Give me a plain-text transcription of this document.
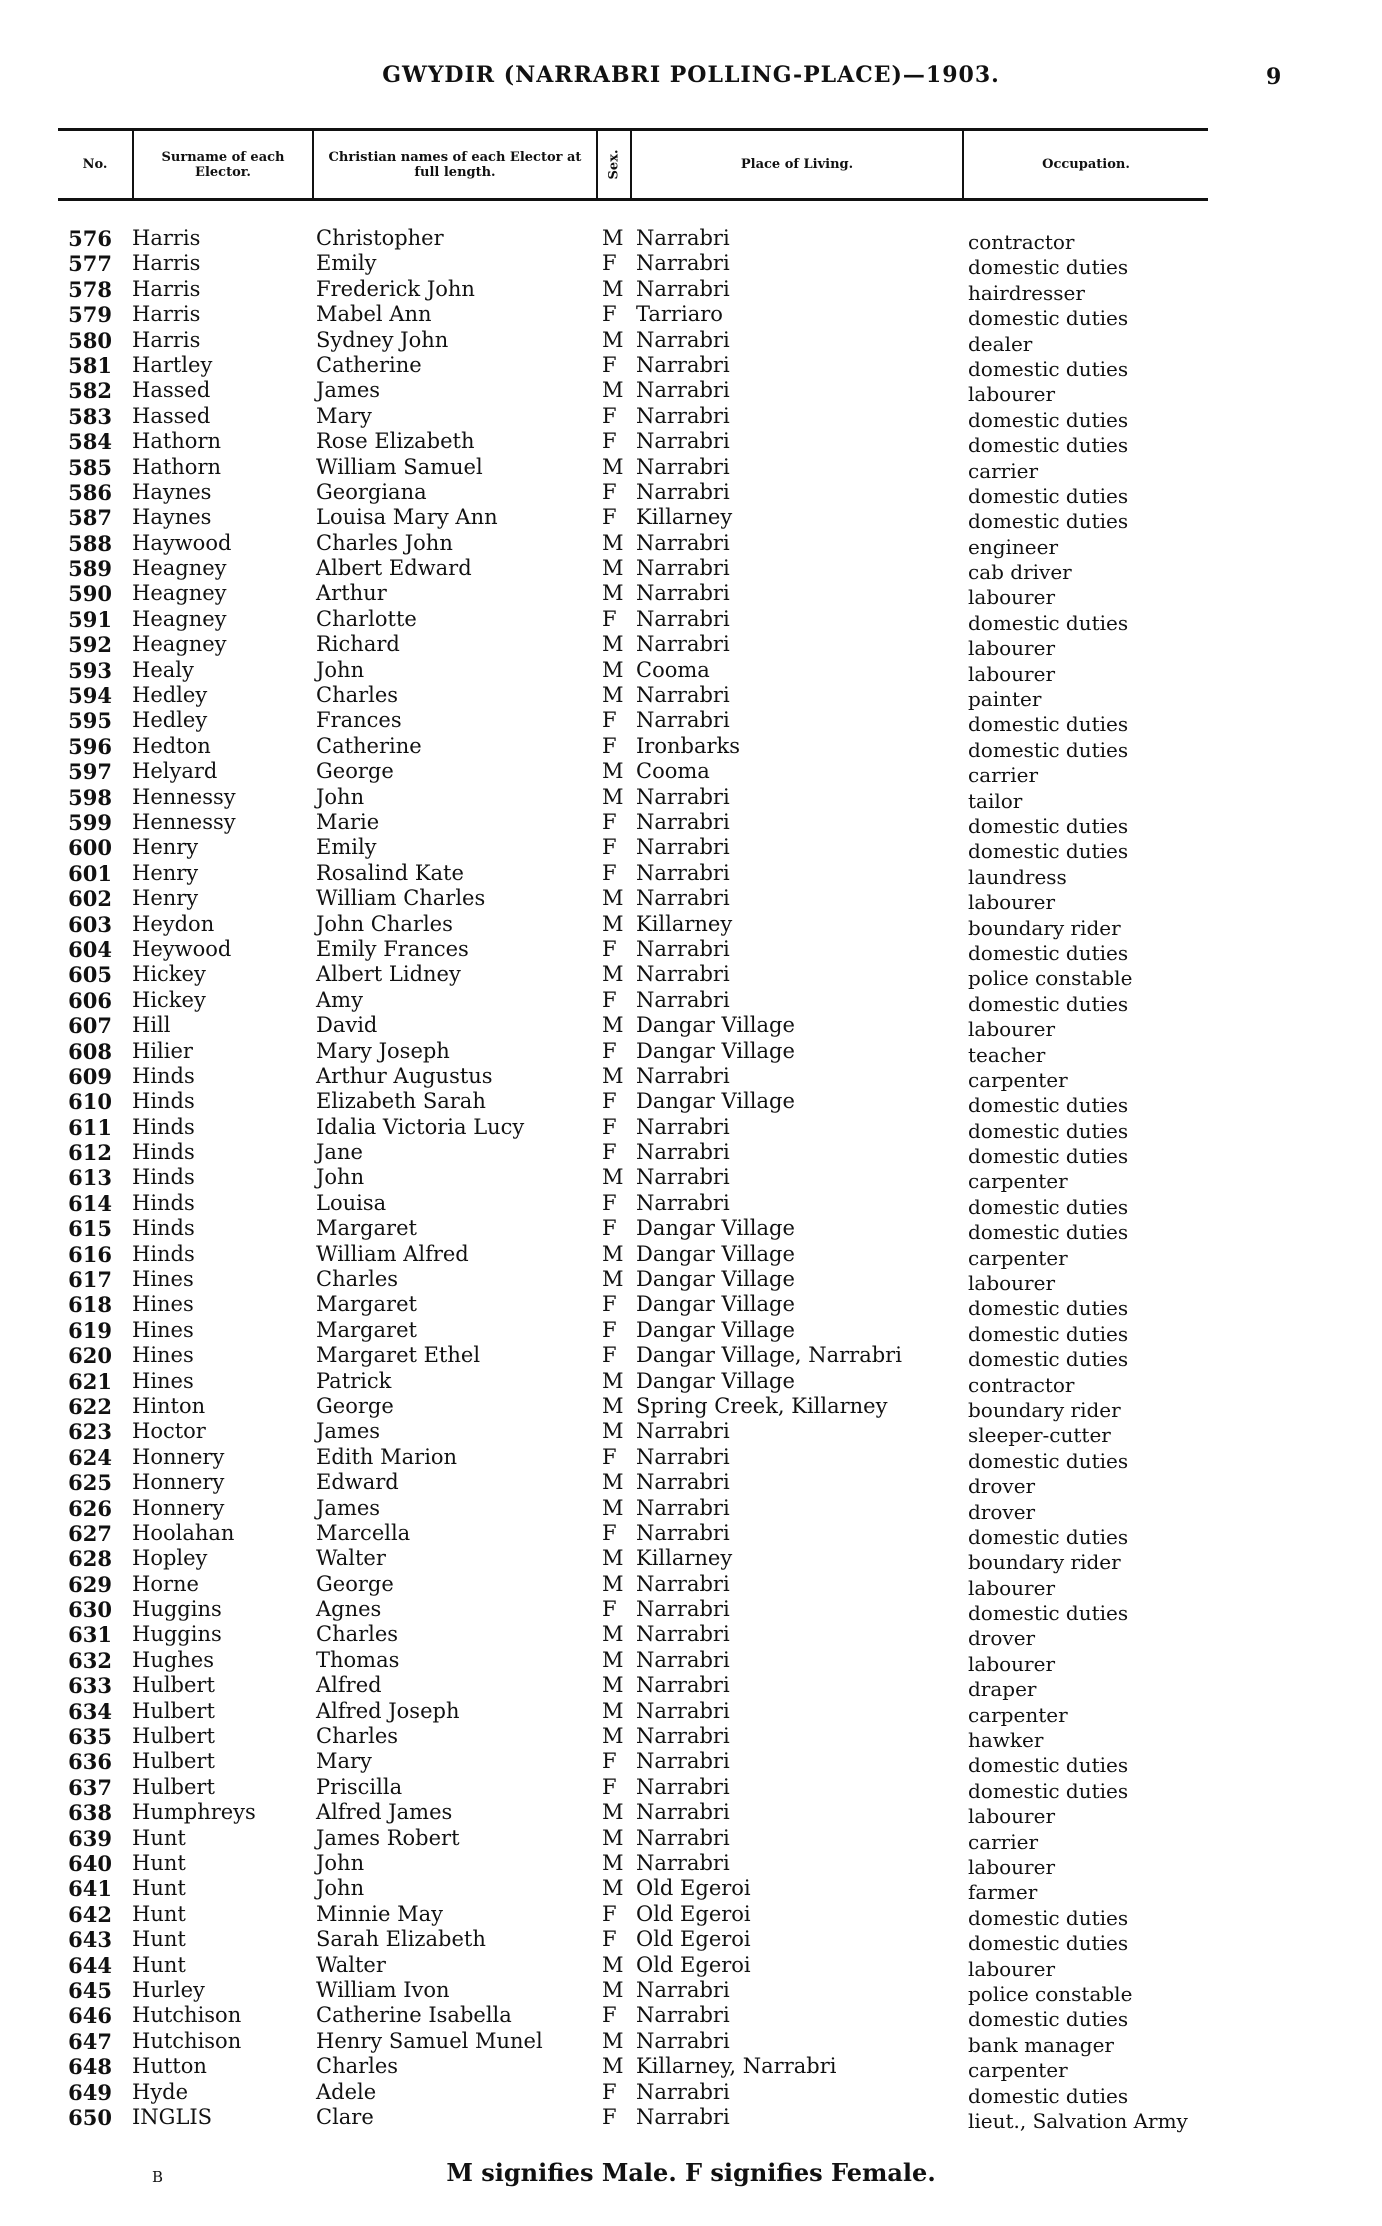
GWYDIR (NARRABRI POLLING-PLACE)—1903.	9
No.	Surname of each Elector.
Christian names of each Elector at full length.	Sex.	Place of Living.	Occupation.
576 Harris	Christopher	M Narrabri	contractor
577 Harris	Emily	F Narrabri	domestic duties
578 Harris	Frederick John	M Narrabri	hairdresser
579 Harris	Mabel Ann	F Tarriaro	domestic duties
580 Harris	Sydney John	M Narrabri	dealer
581 Hartley	Catherine	F Narrabri	domestic duties
582 Hassed	James	M Narrabri	labourer
583 Hassed	Mary	F Narrabri	domestic duties
584 Hathorn	Rose Elizabeth	F Narrabri	domestic duties
585 Hathorn	William Samuel	M Narrabri	carrier
586 Haynes	Georgiana	F Narrabri	domestic duties
587 Haynes	Louisa Mary Ann	F Killarney	domestic duties
588 Haywood	Charles John	M Narrabri	engineer
589 Heagney	Albert Edward	M Narrabri	cab driver
590 Heagney	Arthur	M Narrabri	labourer
591 Heagney	Charlotte	F Narrabri	domestic duties
592 Heagney	Richard	M Narrabri	labourer
593 Healy	John	M Cooma	labourer
594 Hedley	Charles	M Narrabri	painter
595 Hedley	Frances	F Narrabri	domestic duties
596 Hedton	Catherine	F Ironbarks	domestic duties
597 Helyard	George	M Cooma	carrier
598 Hennessy	John	M Narrabri	tailor
599 Hennessy	Marie	F Narrabri	domestic duties
600 Henry	Emily	F Narrabri	domestic duties
601 Henry	Rosalind Kate	F Narrabri	laundress
602 Henry	William Charles	M Narrabri	labourer
603 Heydon	John Charles	M Killarney	boundary rider
604 Heywood	Emily Frances	F Narrabri	domestic duties
605 Hickey	Albert Lidney	M Narrabri	police constable
606 Hickey	Amy	F Narrabri	domestic duties
607 Hill	David	M Dangar Village	labourer
608 Hilier	Mary Joseph	F Dangar Village	teacher
609 Hinds	Arthur Augustus	M Narrabri	carpenter
610 Hinds	Elizabeth Sarah	F Dangar Village	domestic duties
611 Hinds	Idalia Victoria Lucy	F Narrabri	domestic duties
612 Hinds	Jane	F Narrabri	domestic duties
613 Hinds	John	M Narrabri	carpenter
614 Hinds	Louisa	F Narrabri	domestic duties
615 Hinds	Margaret	F Dangar Village	domestic duties
616 Hinds	William Alfred	M Dangar Village	carpenter
617 Hines	Charles	M Dangar Village	labourer
618 Hines	Margaret	F Dangar Village	domestic duties
619 Hines	Margaret	F Dangar Village	domestic duties
620 Hines	Margaret Ethel	F Dangar Village, Narrabri	domestic duties
621 Hines	Patrick	M Dangar Village	contractor
622 Hinton	George	M Spring Creek, Killarney	boundary rider
623 Hoctor	James	M Narrabri	sleeper-cutter
624 Honnery	Edith Marion	F Narrabri	domestic duties
625 Honnery	Edward	M Narrabri	drover
626 Honnery	James	M Narrabri	drover
627 Hoolahan	Marcella	F Narrabri	domestic duties
628 Hopley	Walter	M Killarney	boundary rider
629 Horne	George	M Narrabri	labourer
630 Huggins	Agnes	F Narrabri	domestic duties
631 Huggins	Charles	M Narrabri	drover
632 Hughes	Thomas	M Narrabri	labourer
633 Hulbert	Alfred	M Narrabri	draper
634 Hulbert	Alfred Joseph	M Narrabri	carpenter
635 Hulbert	Charles	M Narrabri	hawker
636 Hulbert	Mary	F Narrabri	domestic duties
637 Hulbert	Priscilla	F Narrabri	domestic duties
638 Humphreys	Alfred James	M Narrabri	labourer
639 Hunt	James Robert	M Narrabri	carrier
640 Hunt	John	M Narrabri	labourer
641 Hunt	John	M Old Egeroi	farmer
642 Hunt	Minnie May	F Old Egeroi	domestic duties
643 Hunt	Sarah Elizabeth	F Old Egeroi	domestic duties
644 Hunt	Walter	M Old Egeroi	labourer
645 Hurley	William Ivon	M Narrabri	police constable
646 Hutchison	Catherine Isabella	F Narrabri	domestic duties
647 Hutchison	Henry Samuel Munel	M Narrabri	bank manager
648 Hutton	Charles	M Killarney, Narrabri	carpenter
649 Hyde	Adele	F Narrabri	domestic duties
650 INGLIS	Clare	F Narrabri	lieut., Salvation Army
B	M signifies Male. F signifies Female.
